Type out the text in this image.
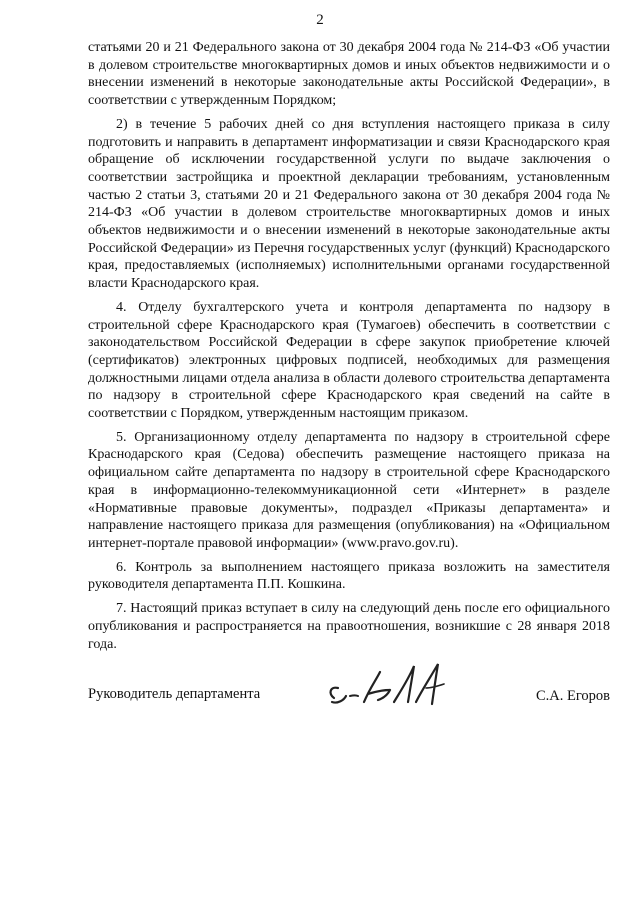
2

статьями 20 и 21 Федерального закона от 30 декабря 2004 года № 214-ФЗ «Об участии в долевом строительстве многоквартирных домов и иных объектов недвижимости и о внесении изменений в некоторые законодательные акты Российской Федерации», в соответствии с утвержденным Порядком;

2) в течение 5 рабочих дней со дня вступления настоящего приказа в силу подготовить и направить в департамент информатизации и связи Краснодарского края обращение об исключении государственной услуги по выдаче заключения о соответствии застройщика и проектной декларации требованиям, установленным частью 2 статьи 3, статьями 20 и 21 Федерального закона от 30 декабря 2004 года № 214-ФЗ «Об участии в долевом строительстве многоквартирных домов и иных объектов недвижимости и о внесении изменений в некоторые законодательные акты Российской Федерации» из Перечня государственных услуг (функций) Краснодарского края, предоставляемых (исполняемых) исполнительными органами государственной власти Краснодарского края.

4. Отделу бухгалтерского учета и контроля департамента по надзору в строительной сфере Краснодарского края (Тумагоев) обеспечить в соответствии с законодательством Российской Федерации в сфере закупок приобретение ключей (сертификатов) электронных цифровых подписей, необходимых для размещения должностными лицами отдела анализа в области долевого строительства департамента по надзору в строительной сфере Краснодарского края сведений на сайте в соответствии с Порядком, утвержденным настоящим приказом.

5. Организационному отделу департамента по надзору в строительной сфере Краснодарского края (Седова) обеспечить размещение настоящего приказа на официальном сайте департамента по надзору в строительной сфере Краснодарского края в информационно-телекоммуникационной сети «Интернет» в разделе «Нормативные правовые документы», подраздел «Приказы департамента» и направление настоящего приказа для размещения (опубликования) на «Официальном интернет-портале правовой информации» (www.pravo.gov.ru).

6. Контроль за выполнением настоящего приказа возложить на заместителя руководителя департамента П.П. Кошкина.

7. Настоящий приказ вступает в силу на следующий день после его официального опубликования и распространяется на правоотношения, возникшие с 28 января 2018 года.

Руководитель департамента	С.А. Егоров
